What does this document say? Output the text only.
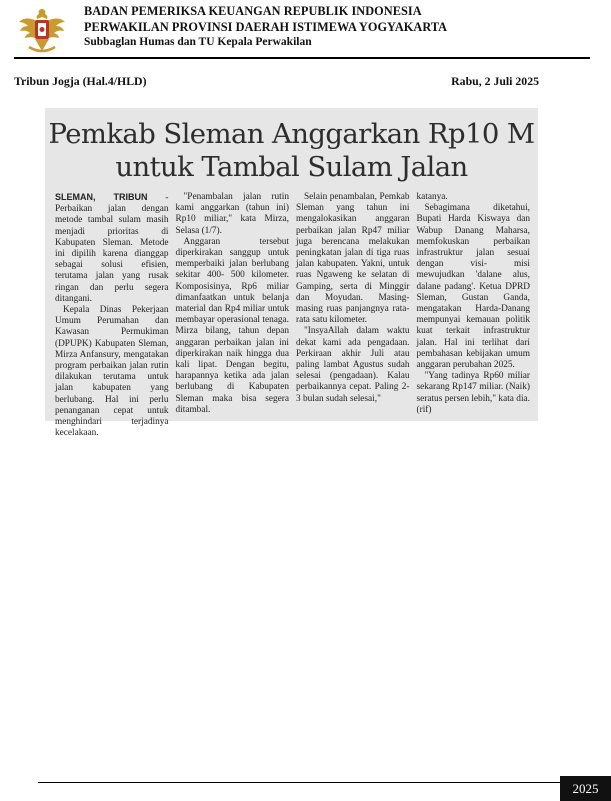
BADAN PEMERIKSA KEUANGAN REPUBLIK INDONESIA
PERWAKILAN PROVINSI DAERAH ISTIMEWA YOGYAKARTA
Subbaglan Humas dan TU Kepala Perwakilan
Tribun Jogja (Hal.4/HLD)	Rabu, 2 Juli 2025
Pemkab Sleman Anggarkan Rp10 M
untuk Tambal Sulam Jalan

SLEMAN, TRIBUN - Perbaikan jalan dengan metode tambal sulam masih menjadi prioritas di Kabupaten Sleman. Metode ini dipilih karena dianggap sebagai solusi efisien, terutama jalan yang rusak ringan dan perlu segera ditangani.

Kepala Dinas Pekerjaan Umum Perumahan dan Kawasan Permukiman (DPUPK) Kabupaten Sleman, Mirza Anfansury, mengatakan program perbaikan jalan rutin dilakukan terutama untuk jalan kabupaten yang berlubang. Hal ini perlu penanganan cepat untuk menghindari terjadinya kecelakaan.

"Penambalan jalan rutin kami anggarkan (tahun ini) Rp10 miliar," kata Mirza, Selasa (1/7).

Anggaran tersebut diperkirakan sanggup untuk memperbaiki jalan berlubang sekitar 400- 500 kilometer. Komposisinya, Rp6 miliar dimanfaatkan untuk belanja material dan Rp4 miliar untuk membayar operasional tenaga. Mirza bilang, tahun depan anggaran perbaikan jalan ini diperkirakan naik hingga dua kali lipat. Dengan begitu, harapannya ketika ada jalan berlubang di Kabupaten Sleman maka bisa segera ditambal.

Selain penambalan, Pemkab Sleman yang tahun ini mengalokasikan anggaran perbaikan jalan Rp47 miliar juga berencana melakukan peningkatan jalan di tiga ruas jalan kabupaten. Yakni, untuk ruas Ngaweng ke selatan di Gamping, serta di Minggir dan Moyudan. Masing-masing ruas panjangnya rata-rata satu kilometer.

"InsyaAllah dalam waktu dekat kami ada pengadaan. Perkiraan akhir Juli atau paling lambat Agustus sudah selesai (pengadaan). Kalau perbaikannya cepat. Paling 2-3 bulan sudah selesai,"

katanya.

Sebagimana diketahui, Bupati Harda Kiswaya dan Wabup Danang Maharsa, memfokuskan perbaikan infrastruktur jalan sesuai dengan visi- misi mewujudkan 'dalane alus, dalane padang'. Ketua DPRD Sleman, Gustan Ganda, mengatakan Harda-Danang mempunyai kemauan politik kuat terkait infrastruktur jalan. Hal ini terlihat dari pembahasan kebijakan umum anggaran perubahan 2025.

"Yang tadinya Rp60 miliar sekarang Rp147 miliar. (Naik) seratus persen lebih," kata dia. (rif)

2025
